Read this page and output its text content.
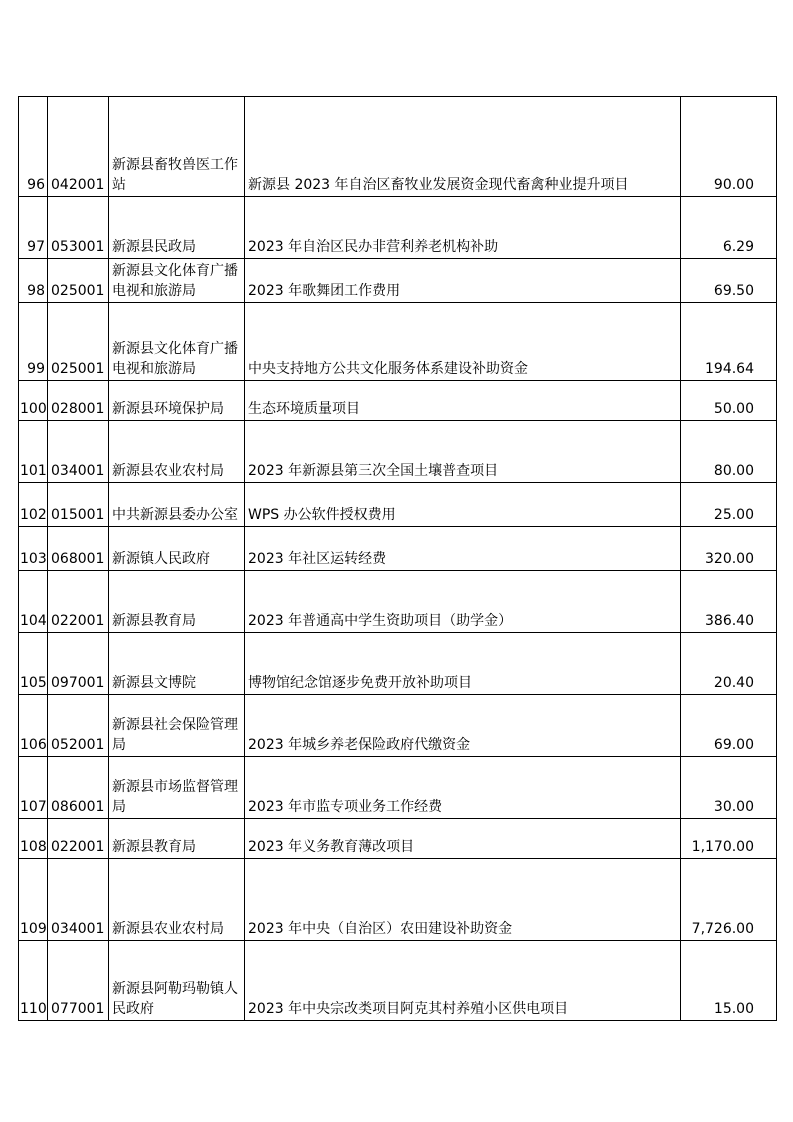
96	042001	新源县畜牧兽医工作站	新源县 2023 年自治区畜牧业发展资金现代畜禽种业提升项目	90.00
97	053001	新源县民政局	2023 年自治区民办非营利养老机构补助	6.29
98	025001	新源县文化体育广播电视和旅游局	2023 年歌舞团工作费用	69.50
99	025001	新源县文化体育广播电视和旅游局	中央支持地方公共文化服务体系建设补助资金	194.64
100	028001	新源县环境保护局	生态环境质量项目	50.00
101	034001	新源县农业农村局	2023 年新源县第三次全国土壤普查项目	80.00
102	015001	中共新源县委办公室	WPS 办公软件授权费用	25.00
103	068001	新源镇人民政府	2023 年社区运转经费	320.00
104	022001	新源县教育局	2023 年普通高中学生资助项目（助学金）	386.40
105	097001	新源县文博院	博物馆纪念馆逐步免费开放补助项目	20.40
106	052001	新源县社会保险管理局	2023 年城乡养老保险政府代缴资金	69.00
107	086001	新源县市场监督管理局	2023 年市监专项业务工作经费	30.00
108	022001	新源县教育局	2023 年义务教育薄改项目	1,170.00
109	034001	新源县农业农村局	2023 年中央（自治区）农田建设补助资金	7,726.00
110	077001	新源县阿勒玛勒镇人民政府	2023 年中央宗改类项目阿克其村养殖小区供电项目	15.00
